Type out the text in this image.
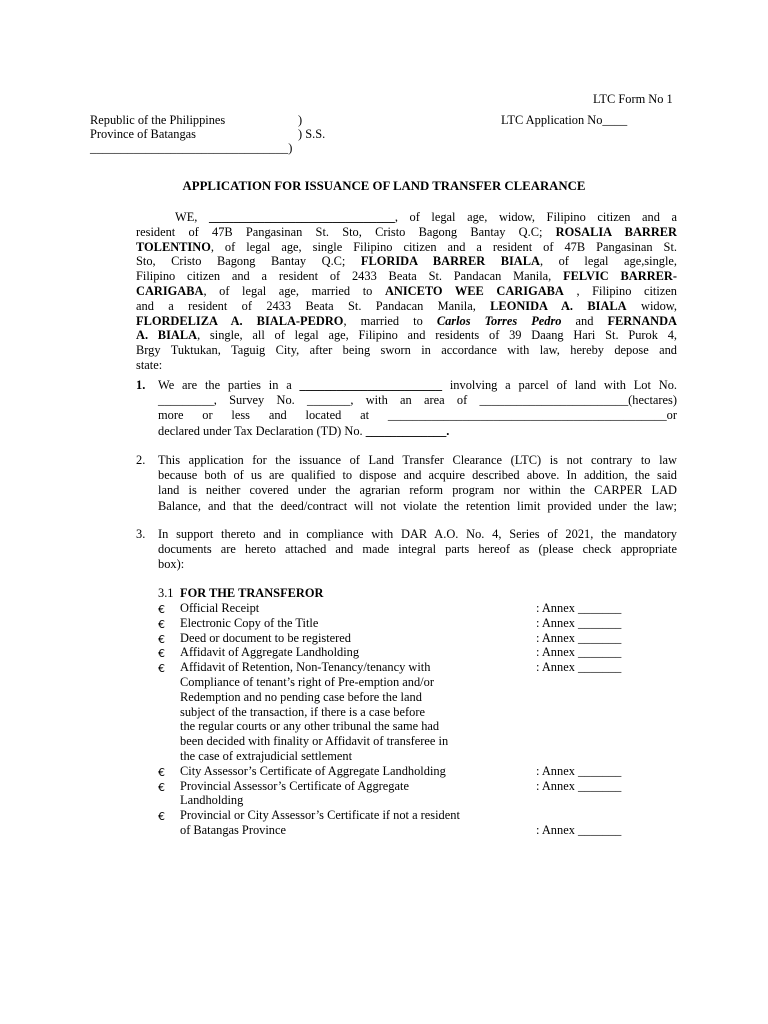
LTC Form No 1
Republic of the Philippines	)	LTC Application No____
Province of Batangas	) S.S.
________________________________)
APPLICATION FOR ISSUANCE OF LAND TRANSFER CLEARANCE
WE, ______________________________, of legal age, widow, Filipino citizen and a
resident of 47B Pangasinan St. Sto, Cristo Bagong Bantay Q.C; ROSALIA BARRER
TOLENTINO, of legal age, single Filipino citizen and a resident of 47B Pangasinan St.
Sto, Cristo Bagong Bantay Q.C; FLORIDA BARRER BIALA, of legal age,single,
Filipino citizen and a resident of 2433 Beata St. Pandacan Manila, FELVIC BARRER-
CARIGABA, of legal age, married to ANICETO WEE CARIGABA , Filipino citizen
and a resident of 2433 Beata St. Pandacan Manila, LEONIDA A. BIALA widow,
FLORDELIZA A. BIALA-PEDRO, married to Carlos Torres Pedro and FERNANDA
A. BIALA, single, all of legal age, Filipino and residents of 39 Daang Hari St. Purok 4,
Brgy Tuktukan, Taguig City, after being sworn in accordance with law, hereby depose and
state:
1. We are the parties in a _______________________ involving a parcel of land with Lot No.
_________, Survey No. _______, with an area of ________________________(hectares)
more or less and located at _____________________________________________or
declared under Tax Declaration (TD) No. _____________.
2. This application for the issuance of Land Transfer Clearance (LTC) is not contrary to law
because both of us are qualified to dispose and acquire described above. In addition, the said
land is neither covered under the agrarian reform program nor within the CARPER LAD
Balance, and that the deed/contract will not violate the retention limit provided under the law;
3. In support thereto and in compliance with DAR A.O. No. 4, Series of 2021, the mandatory
documents are hereto attached and made integral parts hereof as (please check appropriate
box):
3.1 FOR THE TRANSFEROR
€ Official Receipt	: Annex _______
€ Electronic Copy of the Title	: Annex _______
€ Deed or document to be registered	: Annex _______
€ Affidavit of Aggregate Landholding	: Annex _______
€ Affidavit of Retention, Non-Tenancy/tenancy with
Compliance of tenant’s right of Pre-emption and/or
Redemption and no pending case before the land
subject of the transaction, if there is a case before
the regular courts or any other tribunal the same had
been decided with finality or Affidavit of transferee in
the case of extrajudicial settlement
: Annex _______
€ City Assessor’s Certificate of Aggregate Landholding	: Annex _______
€ Provincial Assessor’s Certificate of Aggregate
Landholding
: Annex _______
€ Provincial or City Assessor’s Certificate if not a resident
of Batangas Province	: Annex _______
